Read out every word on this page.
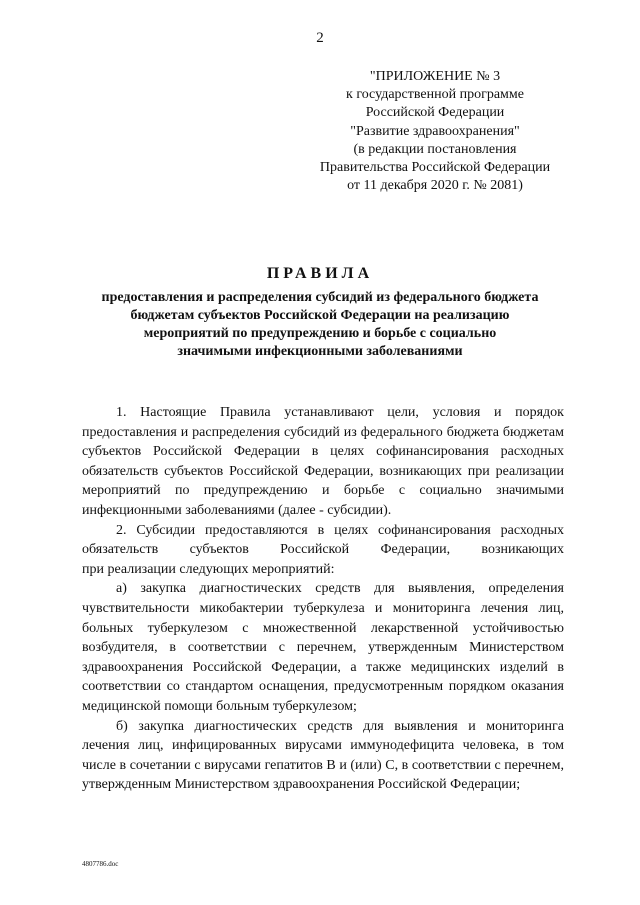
2
"ПРИЛОЖЕНИЕ № 3
к государственной программе
Российской Федерации
"Развитие здравоохранения"
(в редакции постановления
Правительства Российской Федерации
от 11 декабря 2020 г. № 2081)
ПРАВИЛА
предоставления и распределения субсидий из федерального бюджета
бюджетам субъектов Российской Федерации на реализацию
мероприятий по предупреждению и борьбе с социально
значимыми инфекционными заболеваниями

1. Настоящие Правила устанавливают цели, условия и порядок предоставления и распределения субсидий из федерального бюджета бюджетам субъектов Российской Федерации в целях софинансирования расходных обязательств субъектов Российской Федерации, возникающих при реализации мероприятий по предупреждению и борьбе с социально значимыми инфекционными заболеваниями (далее - субсидии).

2. Субсидии предоставляются в целях софинансирования расходных

обязательств субъектов Российской Федерации, возникающих

при реализации следующих мероприятий:

а) закупка диагностических средств для выявления, определения чувствительности микобактерии туберкулеза и мониторинга лечения лиц, больных туберкулезом с множественной лекарственной устойчивостью возбудителя, в соответствии с перечнем, утвержденным Министерством здравоохранения Российской Федерации, а также медицинских изделий в соответствии со стандартом оснащения, предусмотренным порядком оказания медицинской помощи больным туберкулезом;

б) закупка диагностических средств для выявления и мониторинга лечения лиц, инфицированных вирусами иммунодефицита человека, в том числе в сочетании с вирусами гепатитов B и (или) C, в соответствии с перечнем, утвержденным Министерством здравоохранения Российской Федерации;

4807786.doc
